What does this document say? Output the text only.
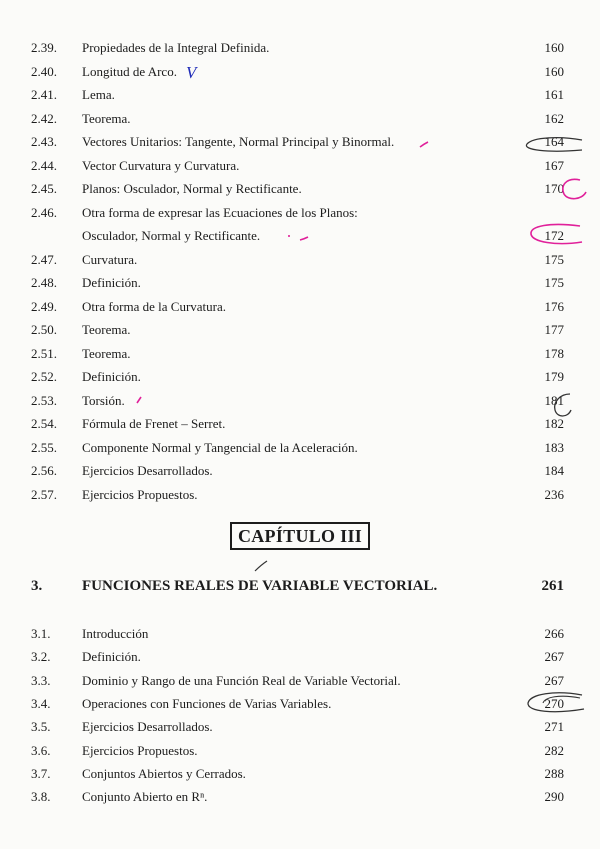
2.39. Propiedades de la Integral Definida.	160
2.40. Longitud de Arco.	160
2.41. Lema.	161
2.42. Teorema.	162
2.43. Vectores Unitarios: Tangente, Normal Principal y Binormal.	164
2.44. Vector Curvatura y Curvatura.	167
2.45. Planos: Osculador, Normal y Rectificante.	170
2.46. Otra forma de expresar las Ecuaciones de los Planos:
Osculador, Normal y Rectificante.	172
2.47. Curvatura.	175
2.48. Definición.	175
2.49. Otra forma de la Curvatura.	176
2.50. Teorema.	177
2.51. Teorema.	178
2.52. Definición.	179
2.53. Torsión.	181
2.54. Fórmula de Frenet – Serret.	182
2.55. Componente Normal y Tangencial de la Aceleración.	183
2.56. Ejercicios Desarrollados.	184
2.57. Ejercicios Propuestos.	236
CAPÍTULO III
3.	FUNCIONES REALES DE VARIABLE VECTORIAL.	261
3.1. Introducción	266
3.2. Definición.	267
3.3. Dominio y Rango de una Función Real de Variable Vectorial.	267
3.4. Operaciones con Funciones de Varias Variables.	270
3.5. Ejercicios Desarrollados.	271
3.6. Ejercicios Propuestos.	282
3.7. Conjuntos Abiertos y Cerrados.	288
3.8. Conjunto Abierto en Rⁿ.	290
V
